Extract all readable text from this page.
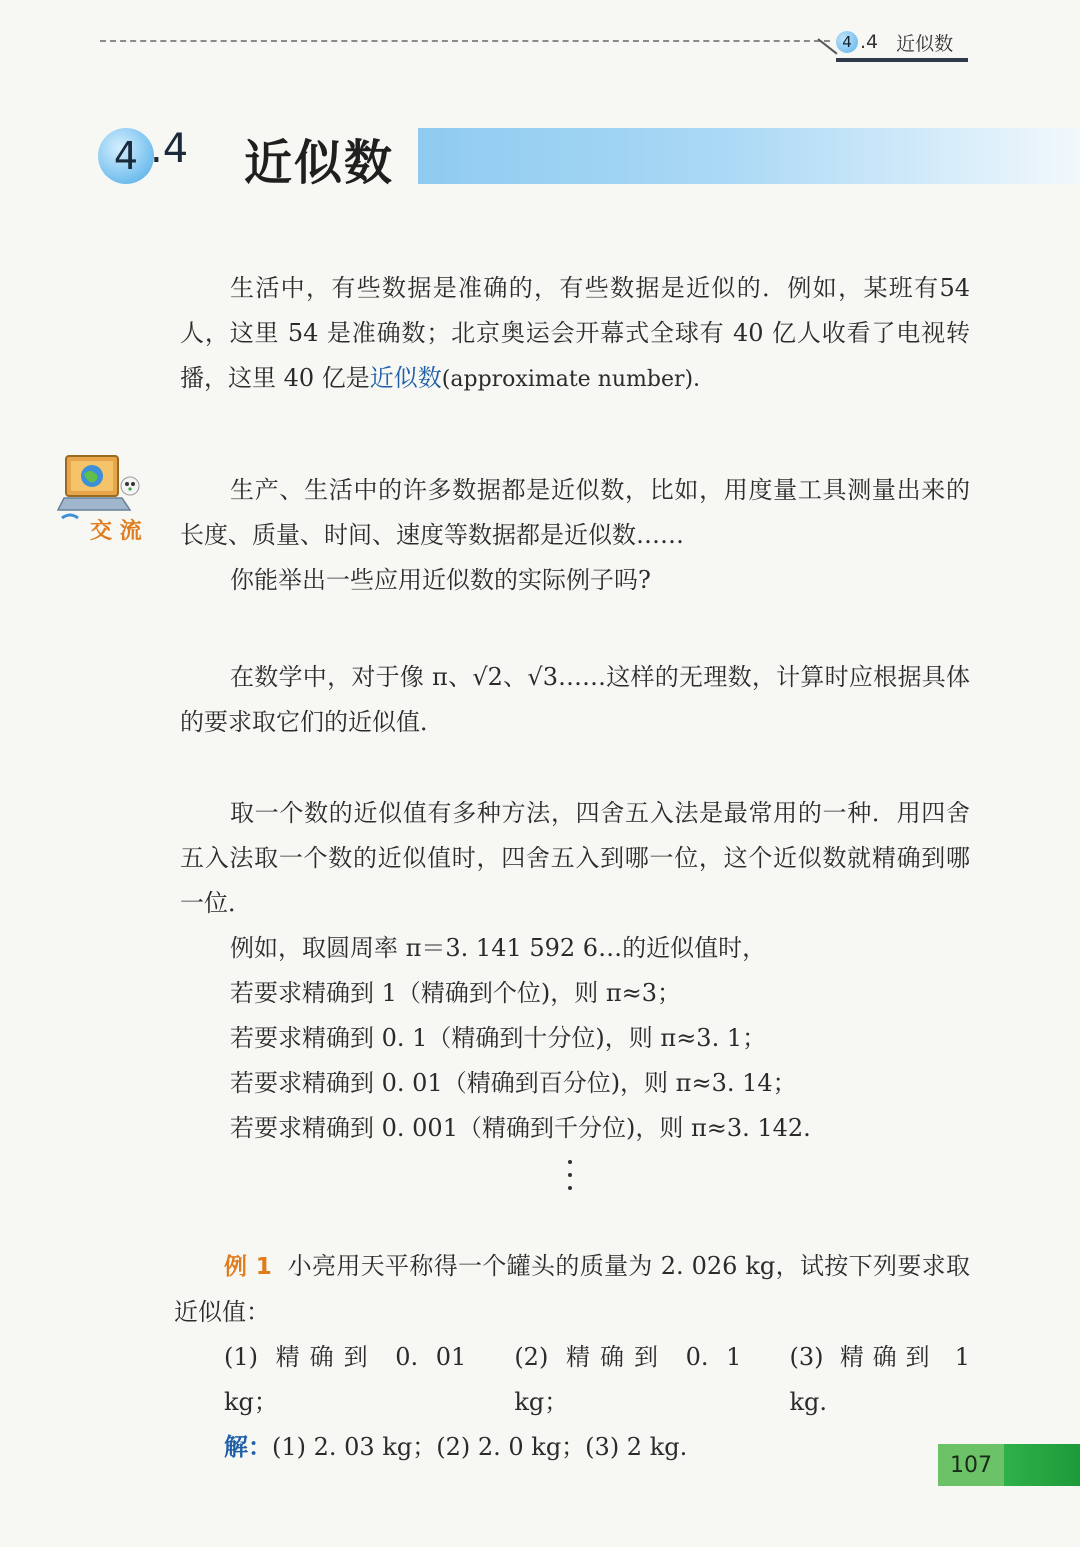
4 .4 近似数
4 .4 近似数

生活中，有些数据是准确的，有些数据是近似的．例如，某班有54 人，这里 54 是准确数；北京奥运会开幕式全球有 40 亿人收看了电视转播，这里 40 亿是近似数(approximate number)．

交 流

生产、生活中的许多数据都是近似数，比如，用度量工具测量出来的长度、质量、时间、速度等数据都是近似数……

你能举出一些应用近似数的实际例子吗?

在数学中，对于像 π、√2、√3……这样的无理数，计算时应根据具体的要求取它们的近似值．

取一个数的近似值有多种方法，四舍五入法是最常用的一种．用四舍五入法取一个数的近似值时，四舍五入到哪一位，这个近似数就精确到哪一位．

例如，取圆周率 π＝3. 141 592 6…的近似值时，

若要求精确到 1（精确到个位)，则 π≈3；

若要求精确到 0. 1（精确到十分位)，则 π≈3. 1；

若要求精确到 0. 01（精确到百分位)，则 π≈3. 14；

若要求精确到 0. 001（精确到千分位)，则 π≈3. 142.

例 1 小亮用天平称得一个罐头的质量为 2. 026 kg，试按下列要求取近似值：

(1) 精确到 0. 01 kg；
(2) 精确到 0. 1 kg；
(3) 精确到 1 kg.

解：(1) 2. 03 kg；(2) 2. 0 kg；(3) 2 kg.

107
